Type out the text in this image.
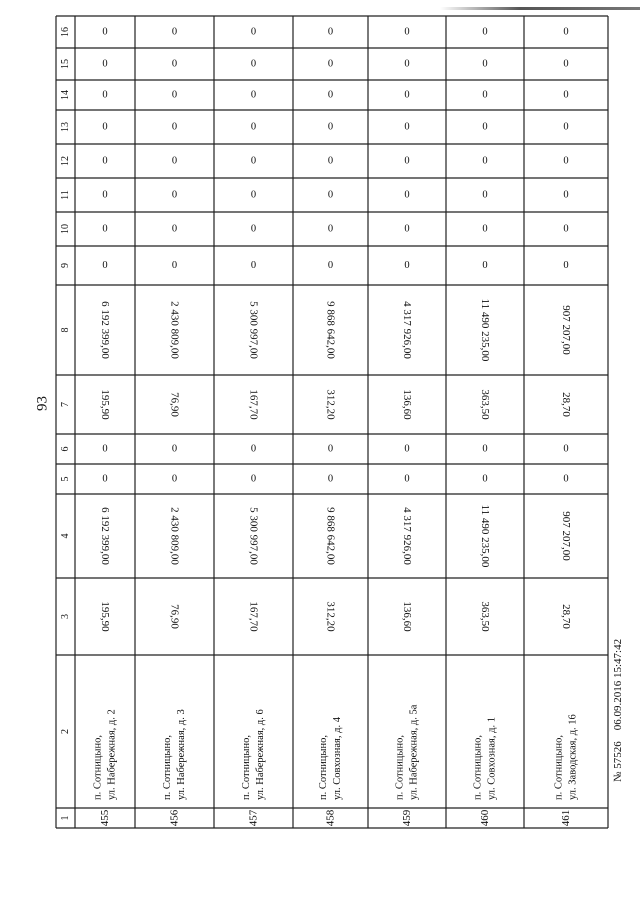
93
16
15
14
13
12
11
10
9
8
7
6
5
4
3
2
1
0
0
0
0
0
0
0
0
6 192 399,00
195,90
0
0
6 192 399,00
195,90
п. Сотницыно, ул. Набережная, д. 2
455
0
0
0
0
0
0
0
0
2 430 809,00
76,90
0
0
2 430 809,00
76,90
п. Сотницыно, ул. Набережная, д. 3
456
0
0
0
0
0
0
0
0
5 300 997,00
167,70
0
0
5 300 997,00
167,70
п. Сотницыно, ул. Набережная, д. 6
457
0
0
0
0
0
0
0
0
9 868 642,00
312,20
0
0
9 868 642,00
312,20
п. Сотницыно, ул. Совхозная, д. 4
458
0
0
0
0
0
0
0
0
4 317 926,00
136,60
0
0
4 317 926,00
136,60
п. Сотницыно, ул. Набережная, д. 5а
459
0
0
0
0
0
0
0
0
11 490 235,00
363,50
0
0
11 490 235,00
363,50
п. Сотницыно, ул. Совхозная, д. 1
460
0
0
0
0
0
0
0
0
907 207,00
28,70
0
0
907 207,00
28,70
п. Сотницыно, ул. Заводская, д. 16
461
№ 57526    06.09.2016 15:47:42
